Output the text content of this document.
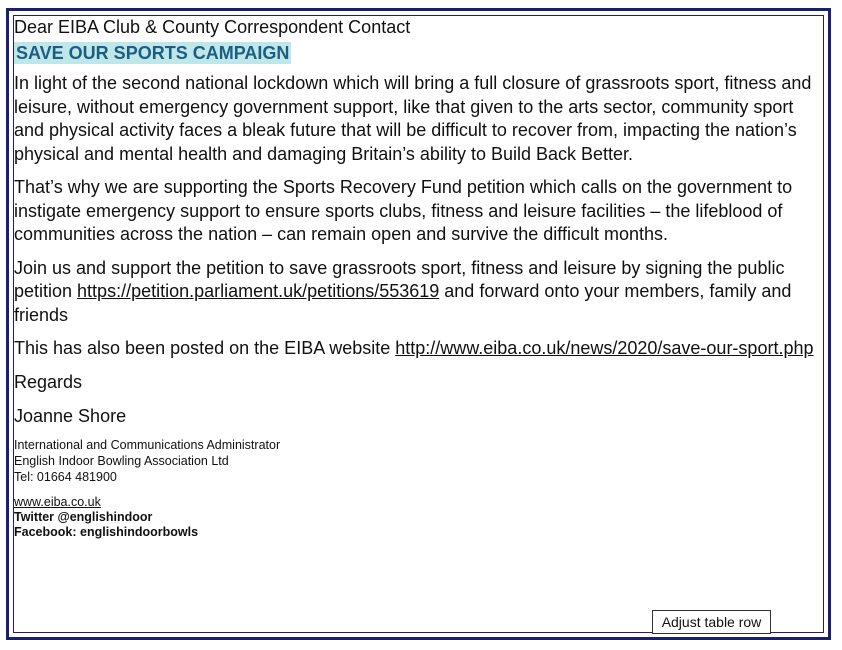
Dear EIBA Club & County Correspondent Contact
SAVE OUR SPORTS CAMPAIGN

In light of the second national lockdown which will bring a full closure of grassroots sport, fitness and leisure, without emergency government support, like that given to the arts sector, community sport and physical activity faces a bleak future that will be difficult to recover from, impacting the nation’s physical and mental health and damaging Britain’s ability to Build Back Better.

That’s why we are supporting the Sports Recovery Fund petition which calls on the government to instigate emergency support to ensure sports clubs, fitness and leisure facilities – the lifeblood of communities across the nation – can remain open and survive the difficult months.

Join us and support the petition to save grassroots sport, fitness and leisure by signing the public petition https://petition.parliament.uk/petitions/553619 and forward onto your members, family and friends

This has also been posted on the EIBA website http://www.eiba.co.uk/news/2020/save-our-sport.php

Regards
Joanne Shore
International and Communications Administrator
English Indoor Bowling Association Ltd
Tel: 01664 481900
www.eiba.co.uk
Twitter @englishindoor
Facebook: englishindoorbowls
Adjust table row
